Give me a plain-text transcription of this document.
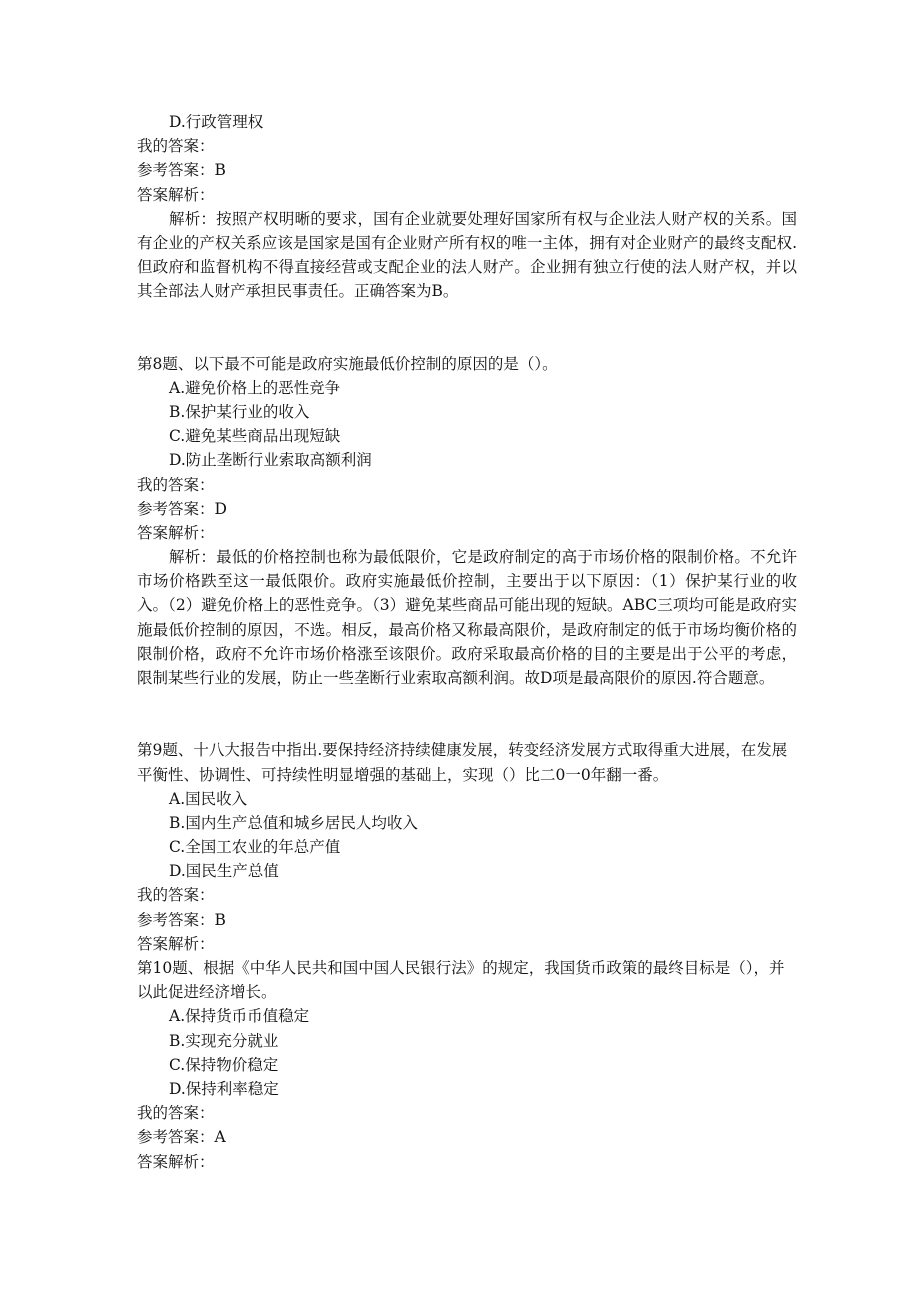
D.行政管理权
我的答案：
参考答案：B
答案解析：

解析：按照产权明晰的要求，国有企业就要处理好国家所有权与企业法人财产权的关系。国有企业的产权关系应该是国家是国有企业财产所有权的唯一主体，拥有对企业财产的最终支配权.但政府和监督机构不得直接经营或支配企业的法人财产。企业拥有独立行使的法人财产权，并以其全部法人财产承担民事责任。正确答案为B。

第8题、以下最不可能是政府实施最低价控制的原因的是（）。

A.避免价格上的恶性竞争
B.保护某行业的收入
C.避免某些商品出现短缺
D.防止垄断行业索取高额利润
我的答案：
参考答案：D
答案解析：

解析：最低的价格控制也称为最低限价，它是政府制定的高于市场价格的限制价格。不允许市场价格跌至这一最低限价。政府实施最低价控制，主要出于以下原因：（1）保护某行业的收入。（2）避免价格上的恶性竞争。（3）避免某些商品可能出现的短缺。ABC三项均可能是政府实施最低价控制的原因，不选。相反，最高价格又称最高限价，是政府制定的低于市场均衡价格的限制价格，政府不允许市场价格涨至该限价。政府采取最高价格的目的主要是出于公平的考虑，限制某些行业的发展，防止一些垄断行业索取高额利润。故D项是最高限价的原因.符合题意。

第9题、十八大报告中指出.要保持经济持续健康发展，转变经济发展方式取得重大进展，在发展平衡性、协调性、可持续性明显增强的基础上，实现（）比二0一0年翻一番。

A.国民收入
B.国内生产总值和城乡居民人均收入
C.全国工农业的年总产值
D.国民生产总值
我的答案：
参考答案：B
答案解析：

第10题、根据《中华人民共和国中国人民银行法》的规定，我国货币政策的最终目标是（），并以此促进经济增长。

A.保持货币币值稳定
B.实现充分就业
C.保持物价稳定
D.保持利率稳定
我的答案：
参考答案：A
答案解析：
